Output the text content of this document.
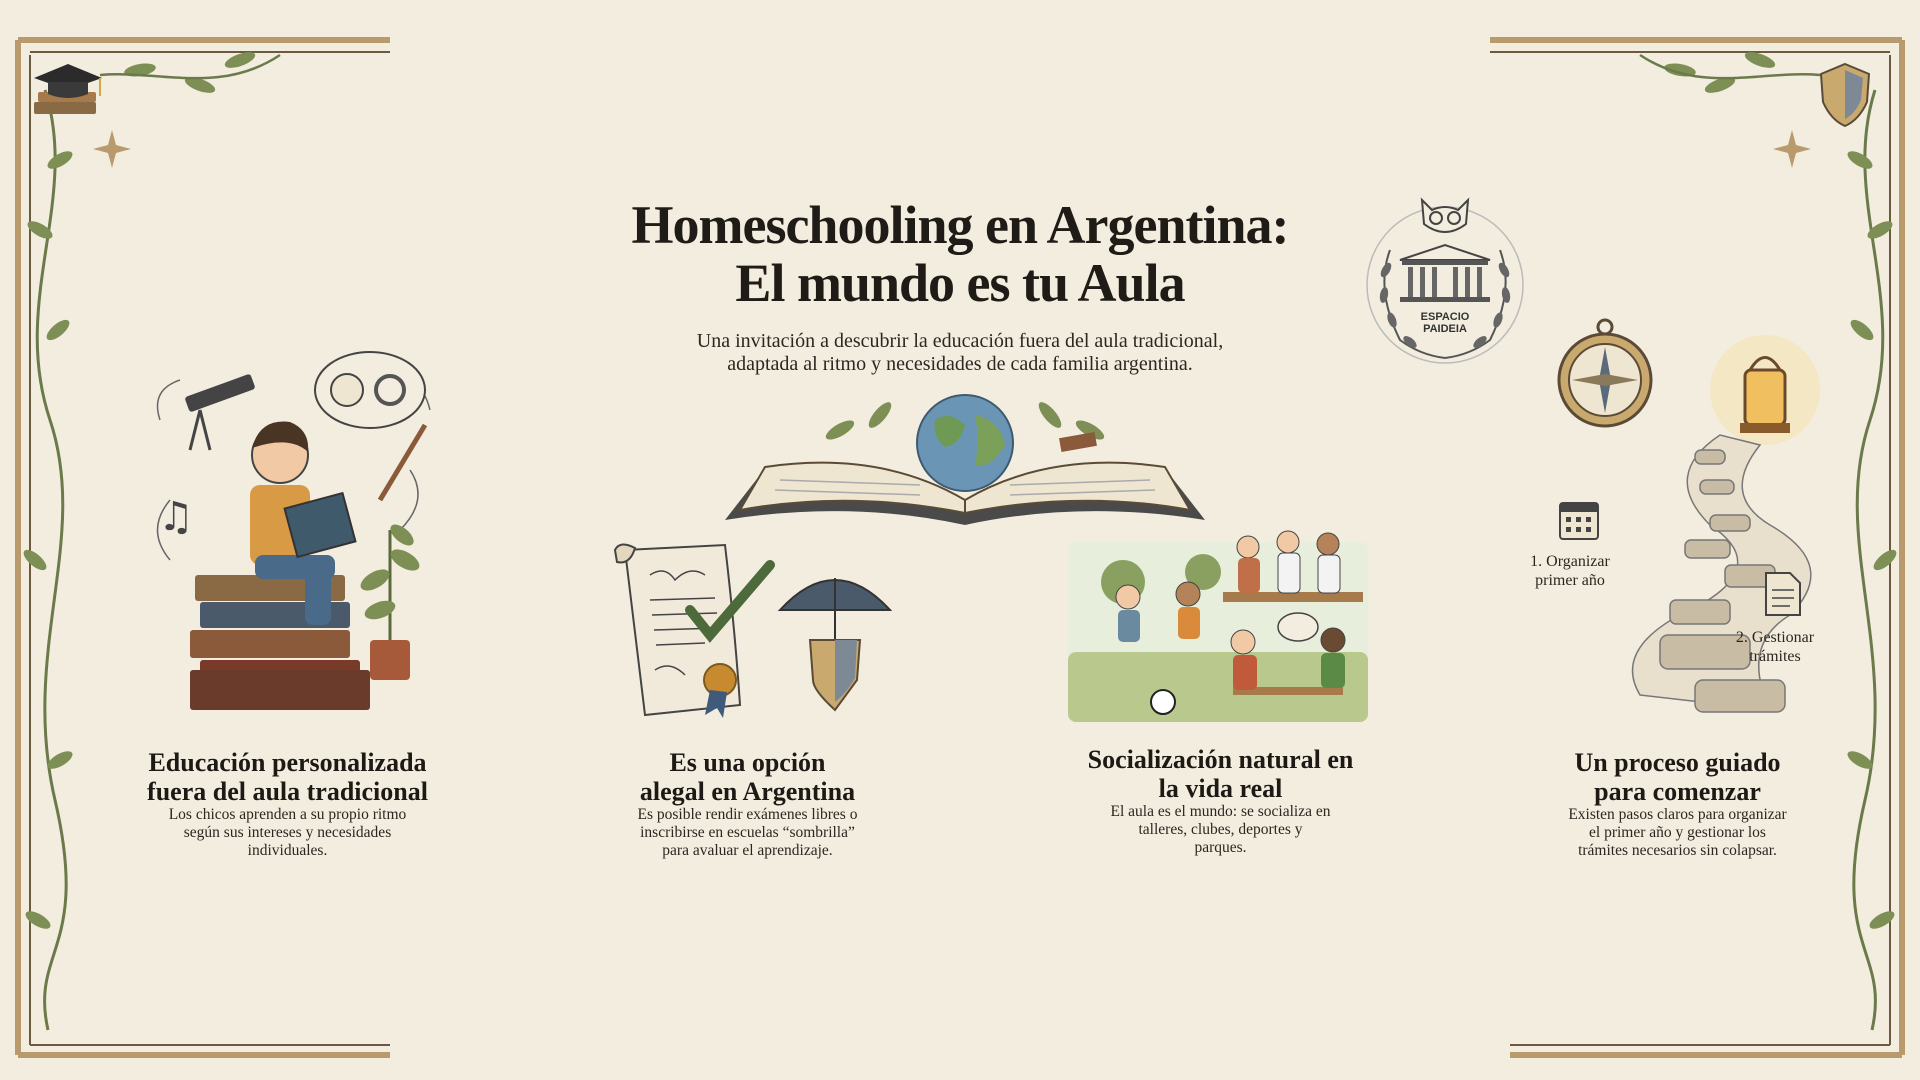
Homeschooling en Argentina:
El mundo es tu Aula
Una invitación a descubrir la educación fuera del aula tradicional,
adaptada al ritmo y necesidades de cada familia argentina.
ESPACIO
PAIDEIA
♫
1. Organizar
primer año
2. Gestionar
trámites
Educación personalizada
fuera del aula tradicional
Los chicos aprenden a su propio ritmo
según sus intereses y necesidades
individuales.
Es una opción
alegal en Argentina
Es posible rendir exámenes libres o
inscribirse en escuelas “sombrilla”
para avaluar el aprendizaje.
Socialización natural en
la vida real
El aula es el mundo: se socializa en
talleres, clubes, deportes y
parques.
Un proceso guiado
para comenzar
Existen pasos claros para organizar
el primer año y gestionar los
trámites necesarios sin colapsar.
